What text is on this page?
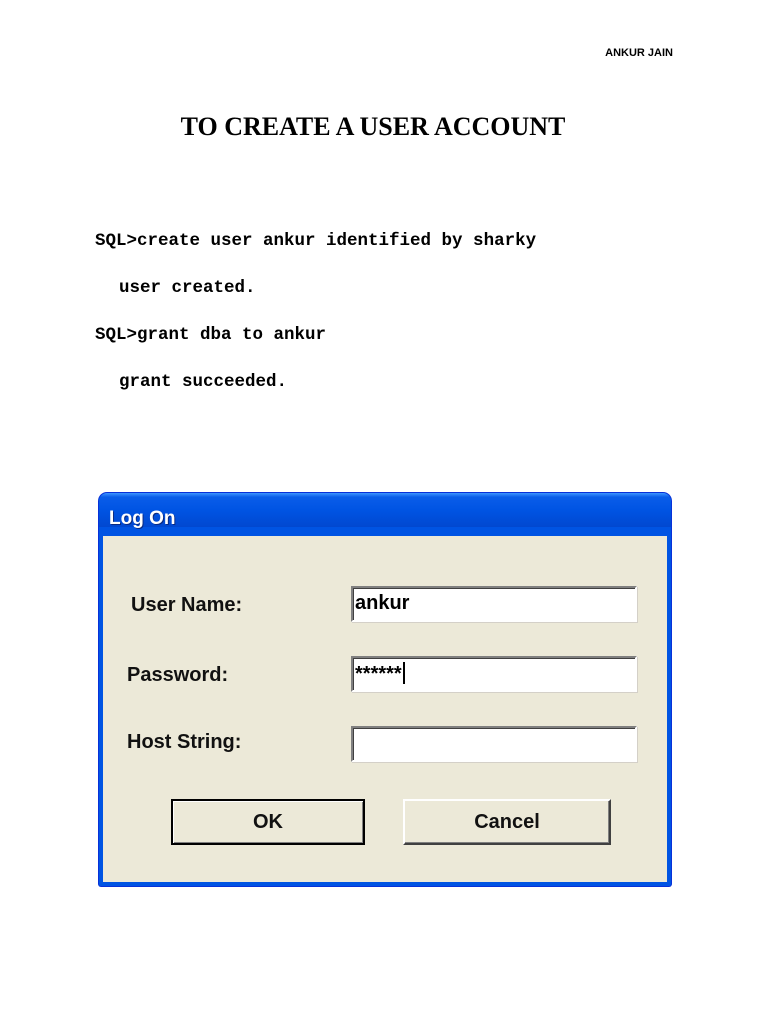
ANKUR JAIN
TO CREATE A USER ACCOUNT
SQL>create user ankur identified by sharky
user created.
SQL>grant dba to ankur
grant succeeded.
Log On
User Name:	ankur
Password:	******
Host String:
OK	Cancel
